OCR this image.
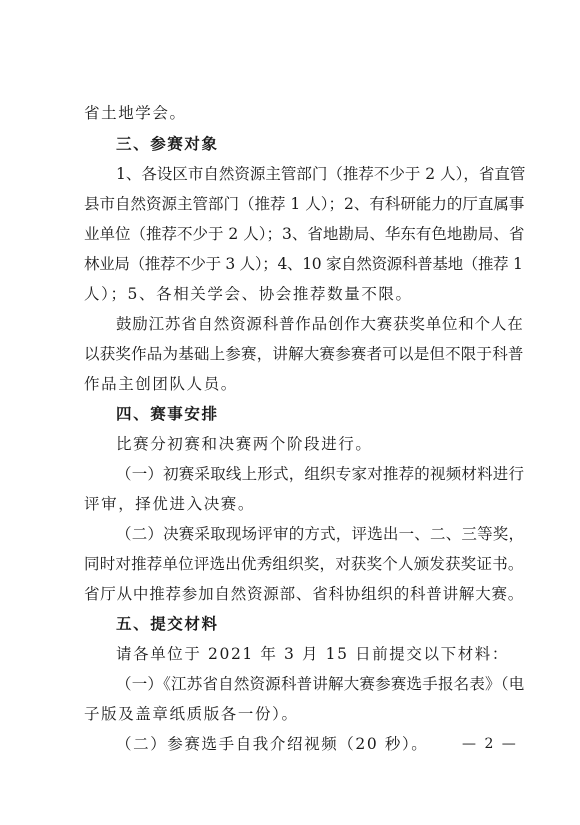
省土地学会。
三、参赛对象
1、各设区市自然资源主管部门（推荐不少于 2 人），省直管
县市自然资源主管部门（推荐 1 人）；2、有科研能力的厅直属事
业单位（推荐不少于 2 人）；3、省地勘局、华东有色地勘局、省
林业局（推荐不少于 3 人）；4、10 家自然资源科普基地（推荐 1
人）；5、各相关学会、协会推荐数量不限。
鼓励江苏省自然资源科普作品创作大赛获奖单位和个人在
以获奖作品为基础上参赛，讲解大赛参赛者可以是但不限于科普
作品主创团队人员。
四、赛事安排
比赛分初赛和决赛两个阶段进行。
（一）初赛采取线上形式，组织专家对推荐的视频材料进行
评审，择优进入决赛。
（二）决赛采取现场评审的方式，评选出一、二、三等奖，
同时对推荐单位评选出优秀组织奖，对获奖个人颁发获奖证书。
省厅从中推荐参加自然资源部、省科协组织的科普讲解大赛。
五、提交材料
请各单位于 2021 年 3 月 15 日前提交以下材料：
（一）《江苏省自然资源科普讲解大赛参赛选手报名表》（电
子版及盖章纸质版各一份）。
（二）参赛选手自我介绍视频（20 秒）。	— 2 —
